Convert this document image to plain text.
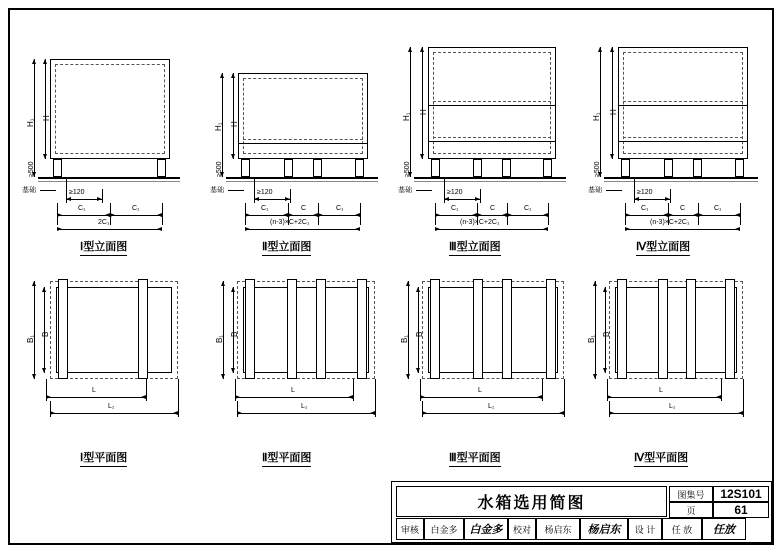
H₁
H
≥500
基础	≥120
C₁	C₁
2C₁
Ⅰ型立面图
H₁ H
≥500
基础	≥120
C₁	C	C₁
(n-3)×C+2C₁
Ⅱ型立面图
H₁
H
≥500
基础	≥120
C₁	C	C₁
(n-3)×C+2C₁
Ⅲ型立面图
H₁
H
≥500
基础	≥120
C₁	C	C₁
(n-3)×C+2C₁
Ⅳ型立面图
B₁
B
L
L₁
Ⅰ型平面图
B₁
B
L
L₁
Ⅱ型平面图
B₁
B
L
L₁
Ⅲ型平面图
B₁
B
L
L₁
Ⅳ型平面图
水箱选用简图
图集号	12S101
页	61
审核	白金多	白金多	校对	杨启东	杨启东	设 计	任 放	任放
